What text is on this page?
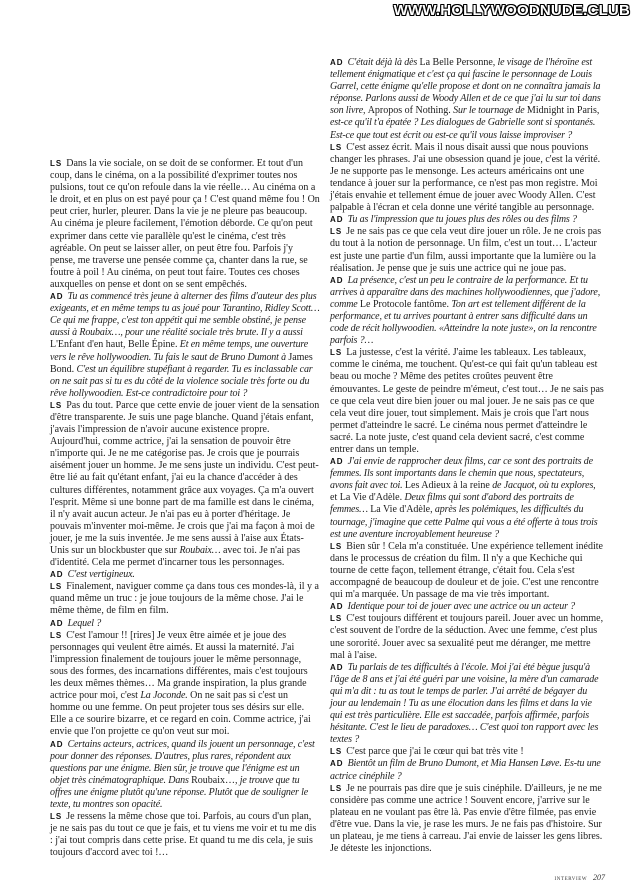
WWW.HOLLYWOODNUDE.CLUB

LS Dans la vie sociale, on se doit de se conformer. Et tout d'un coup, dans le cinéma, on a la possibilité d'exprimer toutes nos pulsions, tout ce qu'on refoule dans la vie réelle… Au cinéma on a le droit, et en plus on est payé pour ça ! C'est quand même fou ! On peut crier, hurler, pleurer. Dans la vie je ne pleure pas beaucoup. Au cinéma je pleure facilement, l'émotion déborde. Ce qu'on peut exprimer dans cette vie parallèle qu'est le cinéma, c'est très agréable. On peut se laisser aller, on peut être fou. Parfois j'y pense, me traverse une pensée comme ça, chanter dans la rue, se foutre à poil ! Au cinéma, on peut tout faire. Toutes ces choses auxquelles on pense et dont on se sent empêchés.

AD Tu as commencé très jeune à alterner des films d'auteur des plus exigeants, et en même temps tu as joué pour Tarantino, Ridley Scott… Ce qui me frappe, c'est ton appétit qui me semble obstiné, je pense aussi à Roubaix…, pour une réalité sociale très brute. Il y a aussi L'Enfant d'en haut, Belle Épine. Et en même temps, une ouverture vers le rêve hollywoodien. Tu fais le saut de Bruno Dumont à James Bond. C'est un équilibre stupéfiant à regarder. Tu es inclassable car on ne sait pas si tu es du côté de la violence sociale très forte ou du rêve hollywoodien. Est-ce contradictoire pour toi ?

LS Pas du tout. Parce que cette envie de jouer vient de la sensation d'être transparente. Je suis une page blanche. Quand j'étais enfant, j'avais l'impression de n'avoir aucune existence propre. Aujourd'hui, comme actrice, j'ai la sensation de pouvoir être n'importe qui. Je ne me catégorise pas. Je crois que je pourrais aisément jouer un homme. Je me sens juste un individu. C'est peut-être lié au fait qu'étant enfant, j'ai eu la chance d'accéder à des cultures différentes, notamment grâce aux voyages. Ça m'a ouvert l'esprit. Même si une bonne part de ma famille est dans le cinéma, il n'y avait aucun acteur. Je n'ai pas eu à porter d'héritage. Je pouvais m'inventer moi-même. Je crois que j'ai ma façon à moi de jouer, je me la suis inventée. Je me sens aussi à l'aise aux États-Unis sur un blockbuster que sur Roubaix… avec toi. Je n'ai pas d'identité. Cela me permet d'incarner tous les personnages.

AD C'est vertigineux.

LS Finalement, naviguer comme ça dans tous ces mondes-là, il y a quand même un truc : je joue toujours de la même chose. J'ai le même thème, de film en film.

AD Lequel ?

LS C'est l'amour !! [rires] Je veux être aimée et je joue des personnages qui veulent être aimés. Et aussi la maternité. J'ai l'impression finalement de toujours jouer le même personnage, sous des formes, des incarnations différentes, mais c'est toujours les deux mêmes thèmes… Ma grande inspiration, la plus grande actrice pour moi, c'est La Joconde. On ne sait pas si c'est un homme ou une femme. On peut projeter tous ses désirs sur elle. Elle a ce sourire bizarre, et ce regard en coin. Comme actrice, j'ai envie que l'on projette ce qu'on veut sur moi.

AD Certains acteurs, actrices, quand ils jouent un personnage, c'est pour donner des réponses. D'autres, plus rares, répondent aux questions par une énigme. Bien sûr, je trouve que l'énigme est un objet très cinématographique. Dans Roubaix…, je trouve que tu offres une énigme plutôt qu'une réponse. Plutôt que de souligner le texte, tu montres son opacité.

LS Je ressens la même chose que toi. Parfois, au cours d'un plan, je ne sais pas du tout ce que je fais, et tu viens me voir et tu me dis : j'ai tout compris dans cette prise. Et quand tu me dis cela, je suis toujours d'accord avec toi !…

AD C'était déjà là dès La Belle Personne, le visage de l'héroïne est tellement énigmatique et c'est ça qui fascine le personnage de Louis Garrel, cette énigme qu'elle propose et dont on ne connaîtra jamais la réponse. Parlons aussi de Woody Allen et de ce que j'ai lu sur toi dans son livre, Apropos of Nothing. Sur le tournage de Midnight in Paris, est-ce qu'il t'a épatée ? Les dialogues de Gabrielle sont si spontanés. Est-ce que tout est écrit ou est-ce qu'il vous laisse improviser ?

LS C'est assez écrit. Mais il nous disait aussi que nous pouvions changer les phrases. J'ai une obsession quand je joue, c'est la vérité. Je ne supporte pas le mensonge. Les acteurs américains ont une tendance à jouer sur la performance, ce n'est pas mon registre. Moi j'étais envahie et tellement émue de jouer avec Woody Allen. C'est palpable à l'écran et cela donne une vérité tangible au personnage.

AD Tu as l'impression que tu joues plus des rôles ou des films ?

LS Je ne sais pas ce que cela veut dire jouer un rôle. Je ne crois pas du tout à la notion de personnage. Un film, c'est un tout… L'acteur est juste une partie d'un film, aussi importante que la lumière ou la réalisation. Je pense que je suis une actrice qui ne joue pas.

AD La présence, c'est un peu le contraire de la performance. Et tu arrives à apparaître dans des machines hollywoodiennes, que j'adore, comme Le Protocole fantôme. Ton art est tellement différent de la performance, et tu arrives pourtant à entrer sans difficulté dans un code de récit hollywoodien. «Atteindre la note juste», on la rencontre parfois ?…

LS La justesse, c'est la vérité. J'aime les tableaux. Les tableaux, comme le cinéma, me touchent. Qu'est-ce qui fait qu'un tableau est beau ou moche ? Même des petites croûtes peuvent être émouvantes. Le geste de peindre m'émeut, c'est tout… Je ne sais pas ce que cela veut dire bien jouer ou mal jouer. Je ne sais pas ce que cela veut dire jouer, tout simplement. Mais je crois que l'art nous permet d'atteindre le sacré. Le cinéma nous permet d'atteindre le sacré. La note juste, c'est quand cela devient sacré, c'est comme entrer dans un temple.

AD J'ai envie de rapprocher deux films, car ce sont des portraits de femmes. Ils sont importants dans le chemin que nous, spectateurs, avons fait avec toi. Les Adieux à la reine de Jacquot, où tu explores, et La Vie d'Adèle. Deux films qui sont d'abord des portraits de femmes… La Vie d'Adèle, après les polémiques, les difficultés du tournage, j'imagine que cette Palme qui vous a été offerte à tous trois est une aventure incroyablement heureuse ?

LS Bien sûr ! Cela m'a constituée. Une expérience tellement inédite dans le processus de création du film. Il n'y a que Kechiche qui tourne de cette façon, tellement étrange, c'était fou. Cela s'est accompagné de beaucoup de douleur et de joie. C'est une rencontre qui m'a marquée. Un passage de ma vie très important.

AD Identique pour toi de jouer avec une actrice ou un acteur ?

LS C'est toujours différent et toujours pareil. Jouer avec un homme, c'est souvent de l'ordre de la séduction. Avec une femme, c'est plus une sororité. Jouer avec sa sexualité peut me déranger, me mettre mal à l'aise.

AD Tu parlais de tes difficultés à l'école. Moi j'ai été bègue jusqu'à l'âge de 8 ans et j'ai été guéri par une voisine, la mère d'un camarade qui m'a dit : tu as tout le temps de parler. J'ai arrêté de bégayer du jour au lendemain ! Tu as une élocution dans les films et dans la vie qui est très particulière. Elle est saccadée, parfois affirmée, parfois hésitante. C'est le lieu de paradoxes… C'est quoi ton rapport avec les textes ?

LS C'est parce que j'ai le cœur qui bat très vite !

AD Bientôt un film de Bruno Dumont, et Mia Hansen Løve. Es-tu une actrice cinéphile ?

LS Je ne pourrais pas dire que je suis cinéphile. D'ailleurs, je ne me considère pas comme une actrice ! Souvent encore, j'arrive sur le plateau en ne voulant pas être là. Pas envie d'être filmée, pas envie d'être vue. Dans la vie, je rase les murs. Je ne fais pas d'histoire. Sur un plateau, je me tiens à carreau. J'ai envie de laisser les gens libres. Je déteste les injonctions.

interview 207
